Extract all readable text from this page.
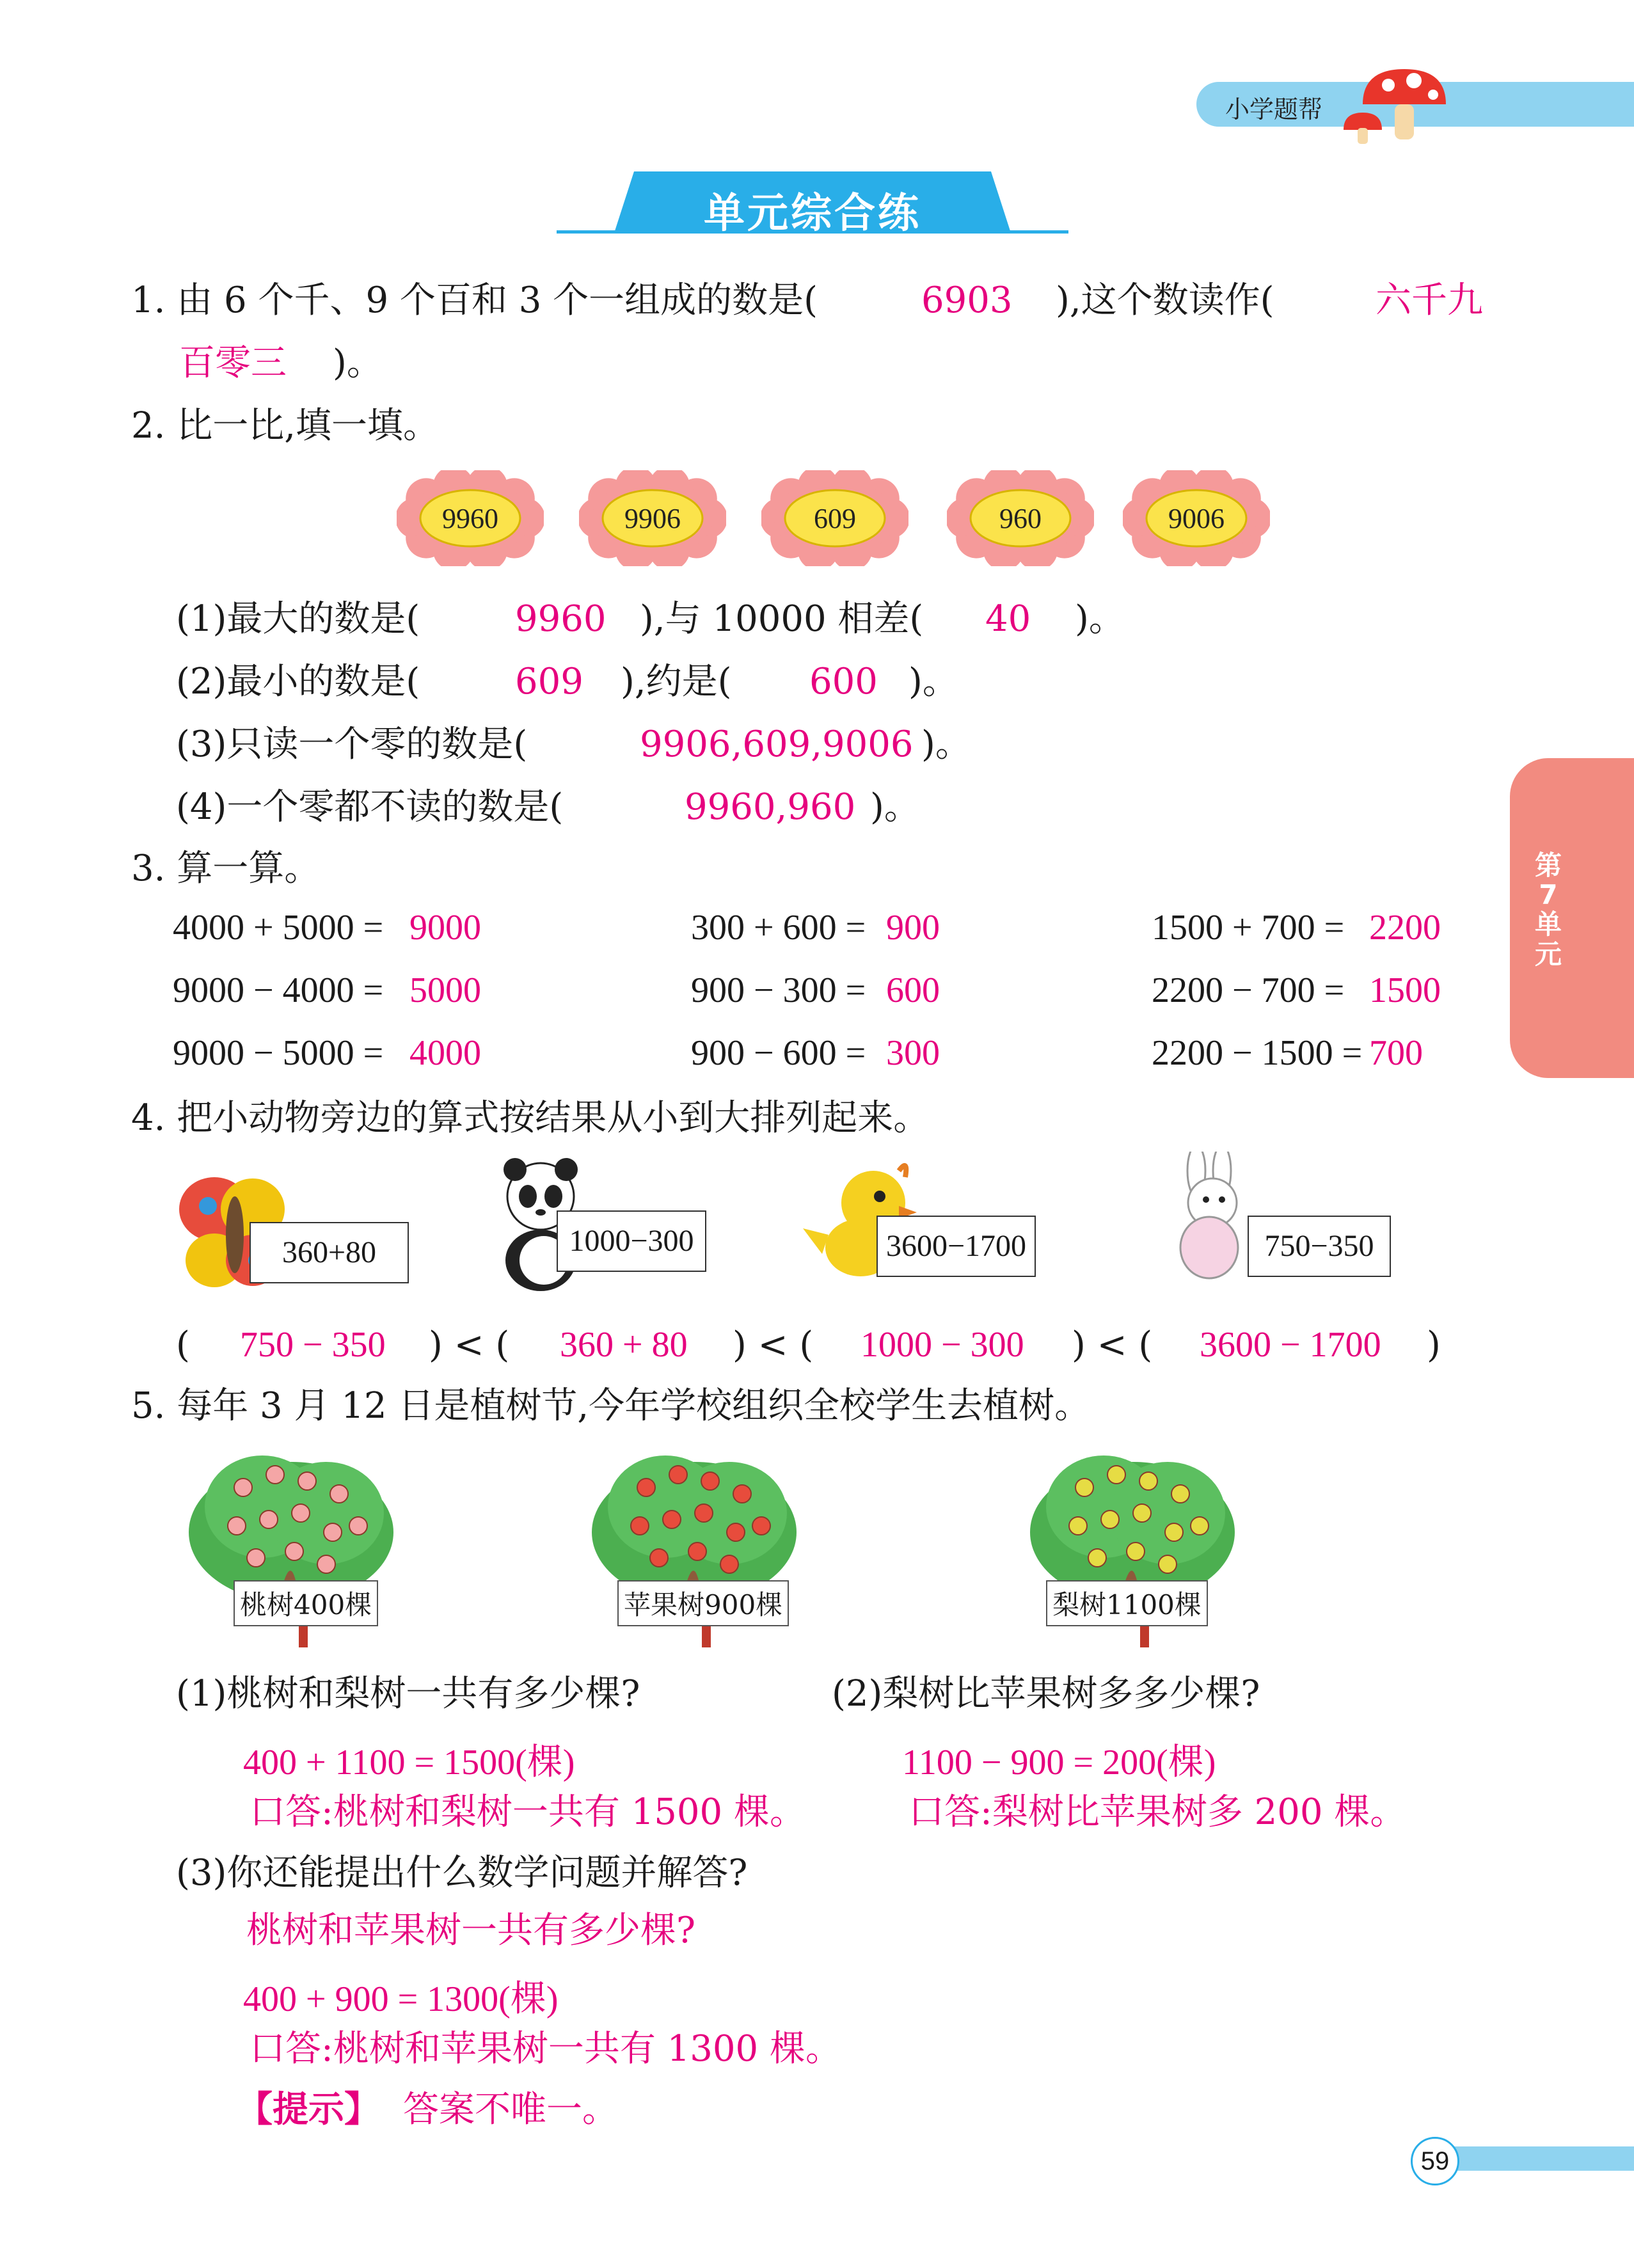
小学题帮
单元综合练
第7单元
1. 由 6 个千、9 个百和 3 个一组成的数是(	6903 ),这个数读作(	六千九
百零三 )。
2. 比一比,填一填。
9960	9906	609	960	9006
(1)最大的数是(	9960 ),与 10000 相差( 40 )。
(2)最小的数是(	609 ),约是( 600 )。
(3)只读一个零的数是(	9906,609,9006 )。
(4)一个零都不读的数是(	9960,960 )。
3. 算一算。
4000 + 5000 = 9000	300 + 600 = 900	1500 + 700 = 2200
9000 − 4000 = 5000	900 − 300 = 600	2200 − 700 = 1500
9000 − 5000 = 4000	900 − 600 = 300	2200 − 1500 = 700
4. 把小动物旁边的算式按结果从小到大排列起来。
360+80	1000−300	3600−1700	750−350
( 750 − 350 ) < ( 360 + 80 ) < ( 1000 − 300 ) < ( 3600 − 1700 )
5. 每年 3 月 12 日是植树节,今年学校组织全校学生去植树。
桃树400棵	苹果树900棵	梨树1100棵
(1)桃树和梨树一共有多少棵?
400 + 1100 = 1500(棵)
口答:桃树和梨树一共有 1500 棵。
(2)梨树比苹果树多多少棵?
1100 − 900 = 200(棵)
口答:梨树比苹果树多 200 棵。
(3)你还能提出什么数学问题并解答?
桃树和苹果树一共有多少棵?
400 + 900 = 1300(棵)
口答:桃树和苹果树一共有 1300 棵。
【提示】 答案不唯一。
59
